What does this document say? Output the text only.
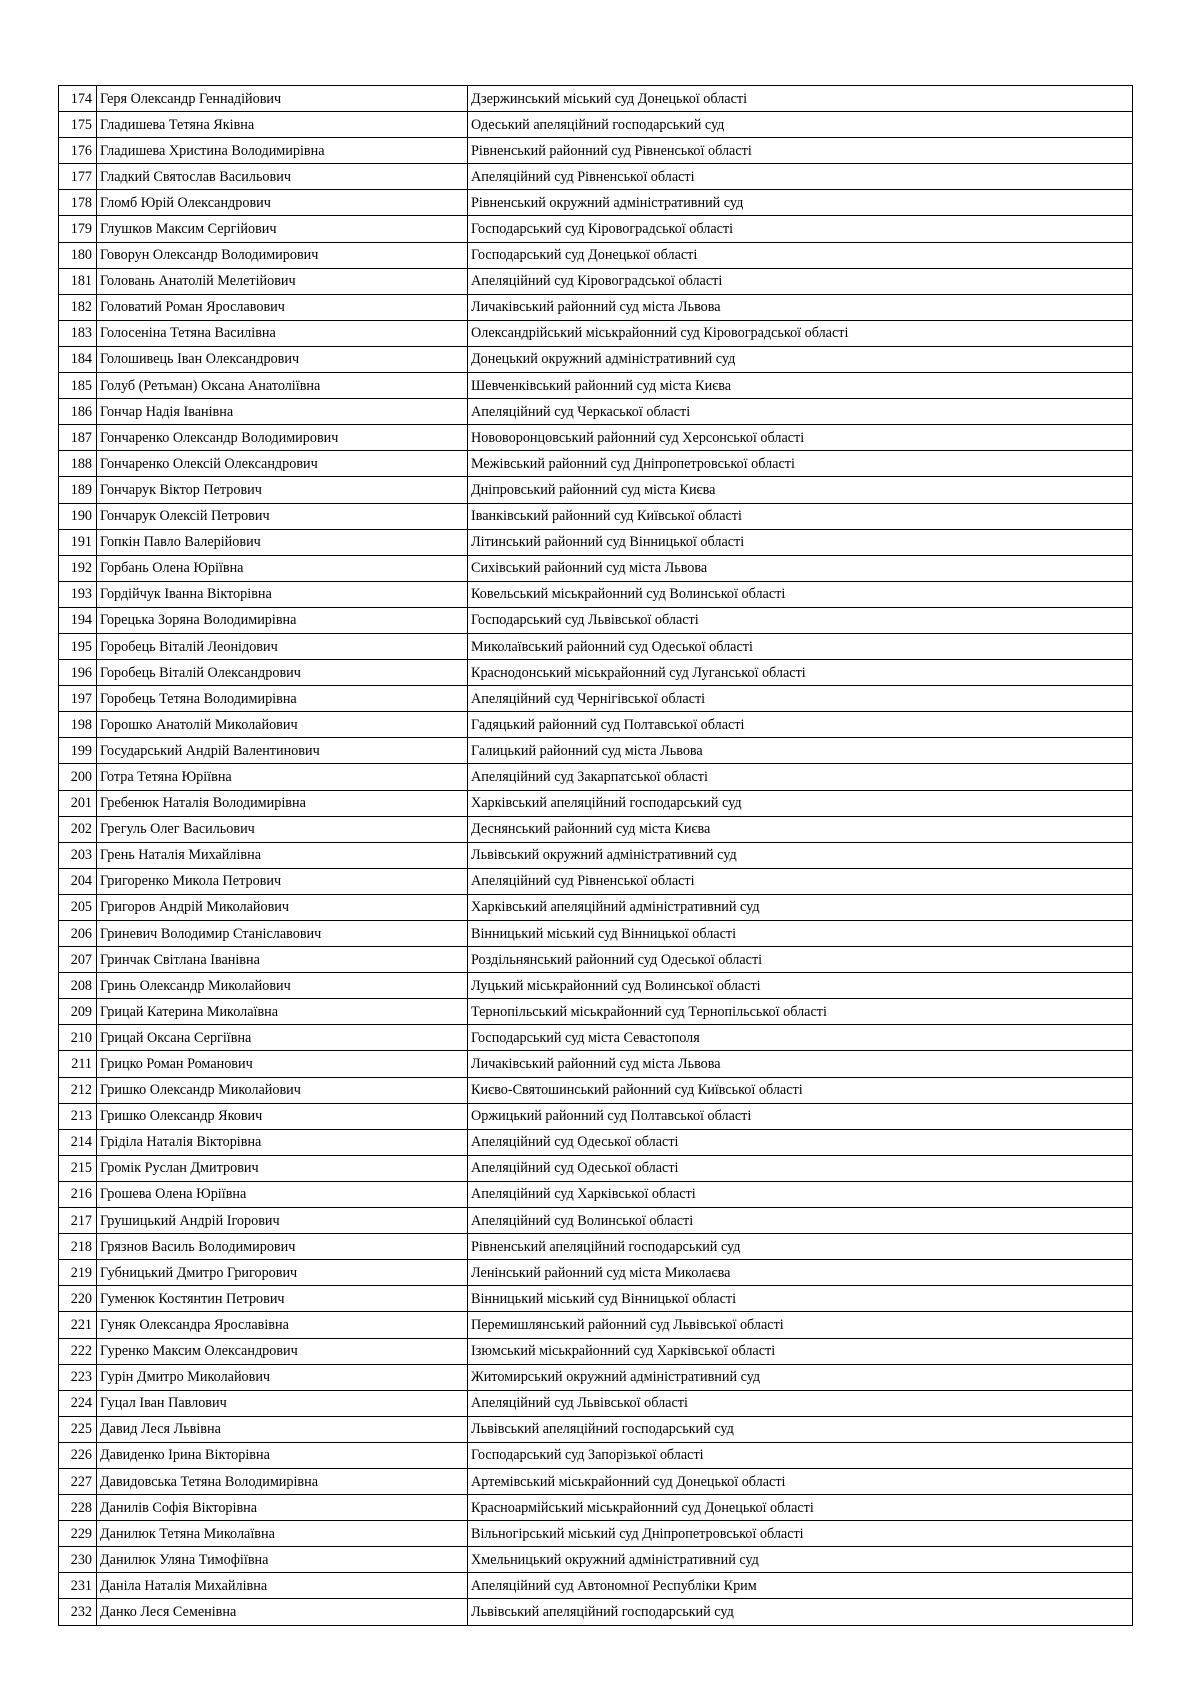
174	Геря Олександр Геннадійович	Дзержинський міський суд Донецької області
175	Гладишева Тетяна Яківна	Одеський апеляційний господарський суд
176	Гладишева Христина Володимирівна	Рівненський районний суд Рівненської області
177	Гладкий Святослав Васильович	Апеляційний суд Рівненської області
178	Гломб Юрій Олександрович	Рівненський окружний адміністративний суд
179	Глушков Максим Сергійович	Господарський суд Кіровоградської області
180	Говорун Олександр Володимирович	Господарський суд Донецької області
181	Головань Анатолій Мелетійович	Апеляційний суд Кіровоградської області
182	Головатий Роман Ярославович	Личаківський районний суд міста Львова
183	Голосеніна Тетяна Василівна	Олександрійський міськрайонний суд Кіровоградської області
184	Голошивець Іван Олександрович	Донецький окружний адміністративний суд
185	Голуб (Ретьман) Оксана Анатоліївна	Шевченківський районний суд міста Києва
186	Гончар Надія Іванівна	Апеляційний суд Черкаської області
187	Гончаренко Олександр Володимирович	Нововоронцовський районний суд Херсонської області
188	Гончаренко Олексій Олександрович	Межівський районний суд Дніпропетровської області
189	Гончарук Віктор Петрович	Дніпровський районний суд міста Києва
190	Гончарук Олексій Петрович	Іванківський районний суд Київської області
191	Гопкін Павло Валерійович	Літинський районний суд Вінницької області
192	Горбань Олена Юріївна	Сихівський районний суд міста Львова
193	Гордійчук Іванна Вікторівна	Ковельський міськрайонний суд Волинської області
194	Горецька Зоряна Володимирівна	Господарський суд Львівської області
195	Горобець Віталій Леонідович	Миколаївський районний суд Одеської області
196	Горобець Віталій Олександрович	Краснодонський міськрайонний суд Луганської області
197	Горобець Тетяна Володимирівна	Апеляційний суд Чернігівської області
198	Горошко Анатолій Миколайович	Гадяцький районний суд Полтавської області
199	Государський Андрій Валентинович	Галицький районний суд міста Львова
200	Готра Тетяна Юріївна	Апеляційний суд Закарпатської області
201	Гребенюк Наталія Володимирівна	Харківський апеляційний господарський суд
202	Грегуль Олег Васильович	Деснянський районний суд міста Києва
203	Грень Наталія Михайлівна	Львівський окружний адміністративний суд
204	Григоренко Микола Петрович	Апеляційний суд Рівненської області
205	Григоров Андрій Миколайович	Харківський апеляційний адміністративний суд
206	Гриневич Володимир Станіславович	Вінницький міський суд Вінницької області
207	Гринчак Світлана Іванівна	Роздільнянський районний суд Одеської області
208	Гринь Олександр Миколайович	Луцький міськрайонний суд Волинської області
209	Грицай Катерина Миколаївна	Тернопільський міськрайонний суд Тернопільської області
210	Грицай Оксана Сергіївна	Господарський суд міста Севастополя
211	Грицко Роман Романович	Личаківський районний суд міста Львова
212	Гришко Олександр Миколайович	Києво-Святошинський районний суд Київської області
213	Гришко Олександр Якович	Оржицький районний суд Полтавської області
214	Гріділа Наталія Вікторівна	Апеляційний суд Одеської області
215	Громік Руслан Дмитрович	Апеляційний суд Одеської області
216	Грошева Олена Юріївна	Апеляційний суд Харківської області
217	Грушицький Андрій Ігорович	Апеляційний суд Волинської області
218	Грязнов Василь Володимирович	Рівненський апеляційний господарський суд
219	Губницький Дмитро Григорович	Ленінський районний суд міста Миколаєва
220	Гуменюк Костянтин Петрович	Вінницький міський суд Вінницької області
221	Гуняк Олександра Ярославівна	Перемишлянський районний суд Львівської області
222	Гуренко Максим Олександрович	Ізюмський міськрайонний суд Харківської області
223	Гурін Дмитро Миколайович	Житомирський окружний адміністративний суд
224	Гуцал Іван Павлович	Апеляційний суд Львівської області
225	Давид Леся Львівна	Львівський апеляційний господарський суд
226	Давиденко Ірина Вікторівна	Господарський суд Запорізької області
227	Давидовська Тетяна Володимирівна	Артемівський міськрайонний суд Донецької області
228	Данилів Софія Вікторівна	Красноармійський міськрайонний суд Донецької області
229	Данилюк Тетяна Миколаївна	Вільногірський міський суд Дніпропетровської області
230	Данилюк Уляна Тимофіївна	Хмельницький окружний адміністративний суд
231	Даніла Наталія Михайлівна	Апеляційний суд Автономної Республіки Крим
232	Данко Леся Семенівна	Львівський апеляційний господарський суд
